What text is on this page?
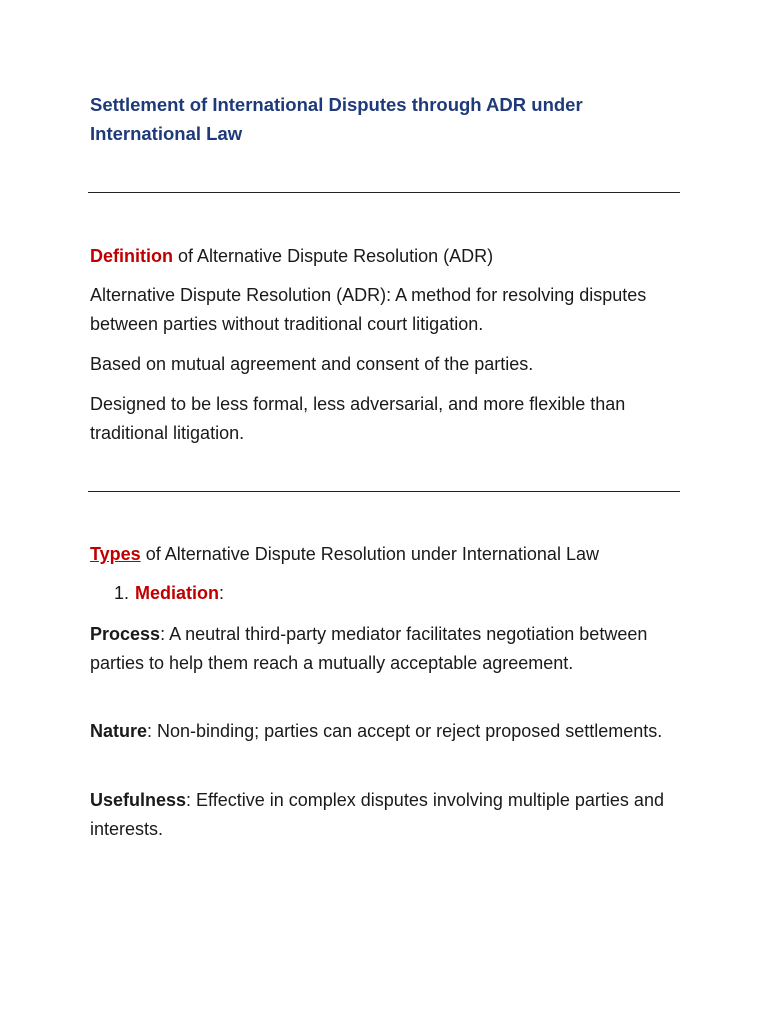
Settlement of International Disputes through ADR under International Law

Definition of Alternative Dispute Resolution (ADR)

Alternative Dispute Resolution (ADR): A method for resolving disputes between parties without traditional court litigation.

Based on mutual agreement and consent of the parties.

Designed to be less formal, less adversarial, and more flexible than traditional litigation.

Types of Alternative Dispute Resolution under International Law

1. Mediation:

Process: A neutral third-party mediator facilitates negotiation between parties to help them reach a mutually acceptable agreement.

Nature: Non-binding; parties can accept or reject proposed settlements.

Usefulness: Effective in complex disputes involving multiple parties and interests.
